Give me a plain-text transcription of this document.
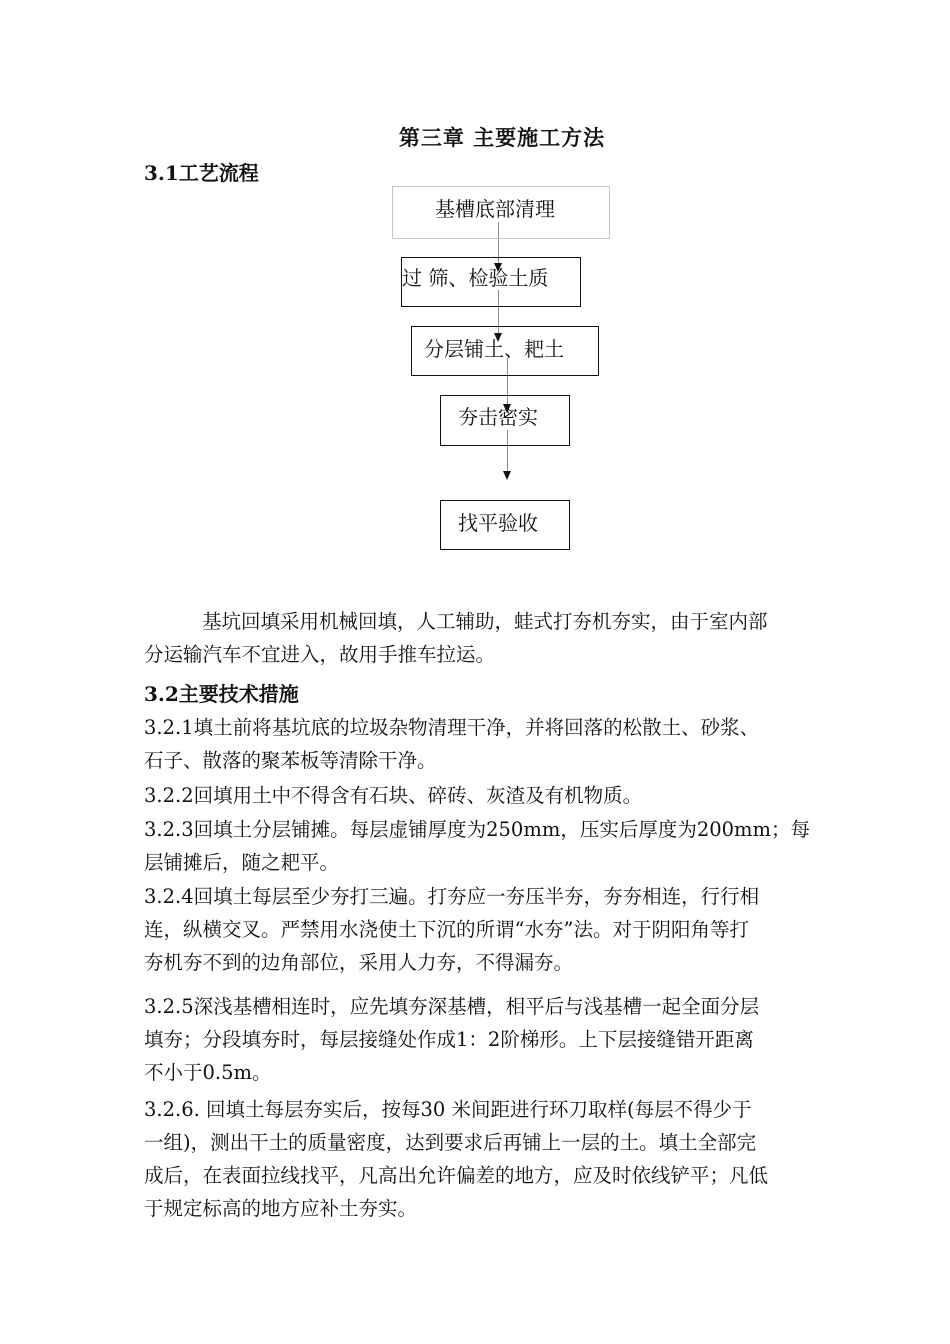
第三章 主要施工方法
3.1工艺流程
基槽底部清理
过 筛、检验土质
分层铺土、耙土
夯击密实
找平验收

基坑回填采用机械回填，人工辅助，蛙式打夯机夯实，由于室内部
分运输汽车不宜进入，故用手推车拉运。

3.2主要技术措施

3.2.1填土前将基坑底的垃圾杂物清理干净，并将回落的松散土、砂浆、
石子、散落的聚苯板等清除干净。

3.2.2回填用土中不得含有石块、碎砖、灰渣及有机物质。

3.2.3回填土分层铺摊。每层虚铺厚度为250mm，压实后厚度为200mm；每
层铺摊后，随之耙平。

3.2.4回填土每层至少夯打三遍。打夯应一夯压半夯，夯夯相连，行行相
连，纵横交叉。严禁用水浇使土下沉的所谓“水夯”法。对于阴阳角等打
夯机夯不到的边角部位，采用人力夯，不得漏夯。

3.2.5深浅基槽相连时，应先填夯深基槽，相平后与浅基槽一起全面分层
填夯；分段填夯时，每层接缝处作成1：2阶梯形。上下层接缝错开距离
不小于0.5m。

3.2.6. 回填土每层夯实后，按每30 米间距进行环刀取样(每层不得少于
一组)，测出干土的质量密度，达到要求后再铺上一层的土。填土全部完
成后，在表面拉线找平，凡高出允许偏差的地方，应及时依线铲平；凡低
于规定标高的地方应补土夯实。
